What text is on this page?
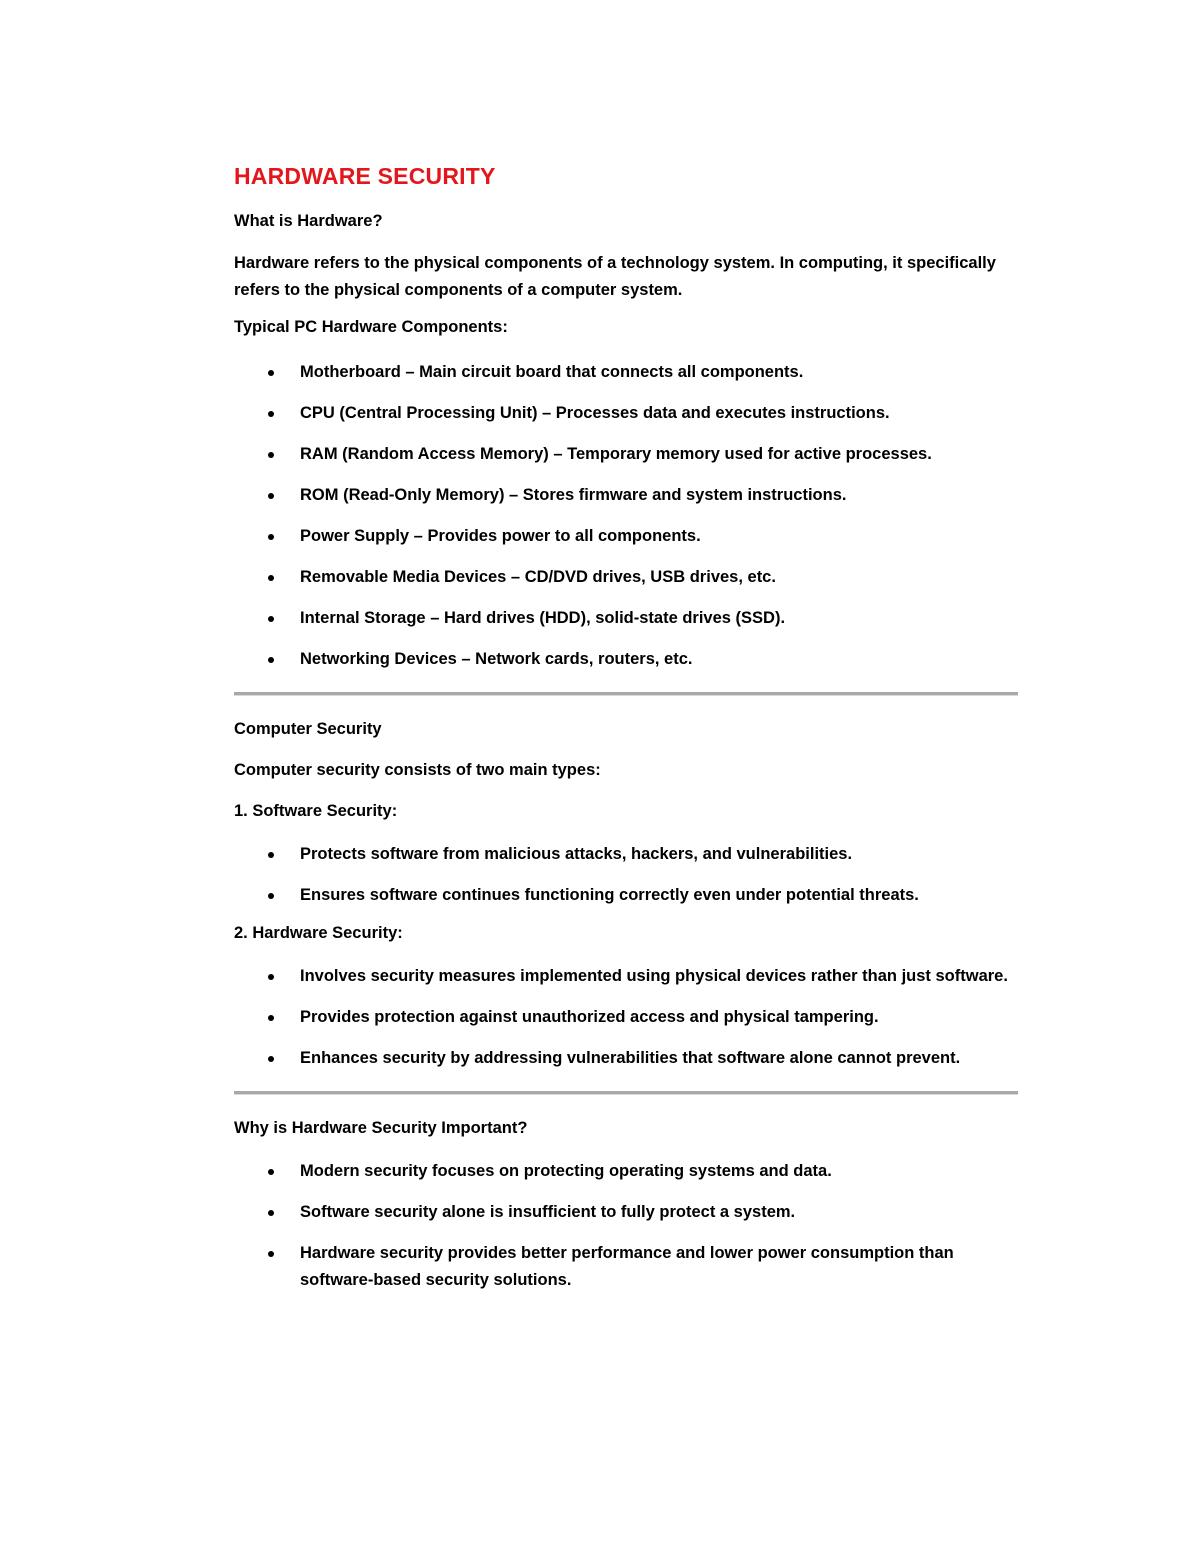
HARDWARE SECURITY
What is Hardware?
Hardware refers to the physical components of a technology system. In computing, it specifically refers to the physical components of a computer system.
Typical PC Hardware Components:
Motherboard – Main circuit board that connects all components.
CPU (Central Processing Unit) – Processes data and executes instructions.
RAM (Random Access Memory) – Temporary memory used for active processes.
ROM (Read-Only Memory) – Stores firmware and system instructions.
Power Supply – Provides power to all components.
Removable Media Devices – CD/DVD drives, USB drives, etc.
Internal Storage – Hard drives (HDD), solid-state drives (SSD).
Networking Devices – Network cards, routers, etc.
Computer Security
Computer security consists of two main types:
1. Software Security:
Protects software from malicious attacks, hackers, and vulnerabilities.
Ensures software continues functioning correctly even under potential threats.
2. Hardware Security:
Involves security measures implemented using physical devices rather than just software.
Provides protection against unauthorized access and physical tampering.
Enhances security by addressing vulnerabilities that software alone cannot prevent.
Why is Hardware Security Important?
Modern security focuses on protecting operating systems and data.
Software security alone is insufficient to fully protect a system.
Hardware security provides better performance and lower power consumption than software-based security solutions.
